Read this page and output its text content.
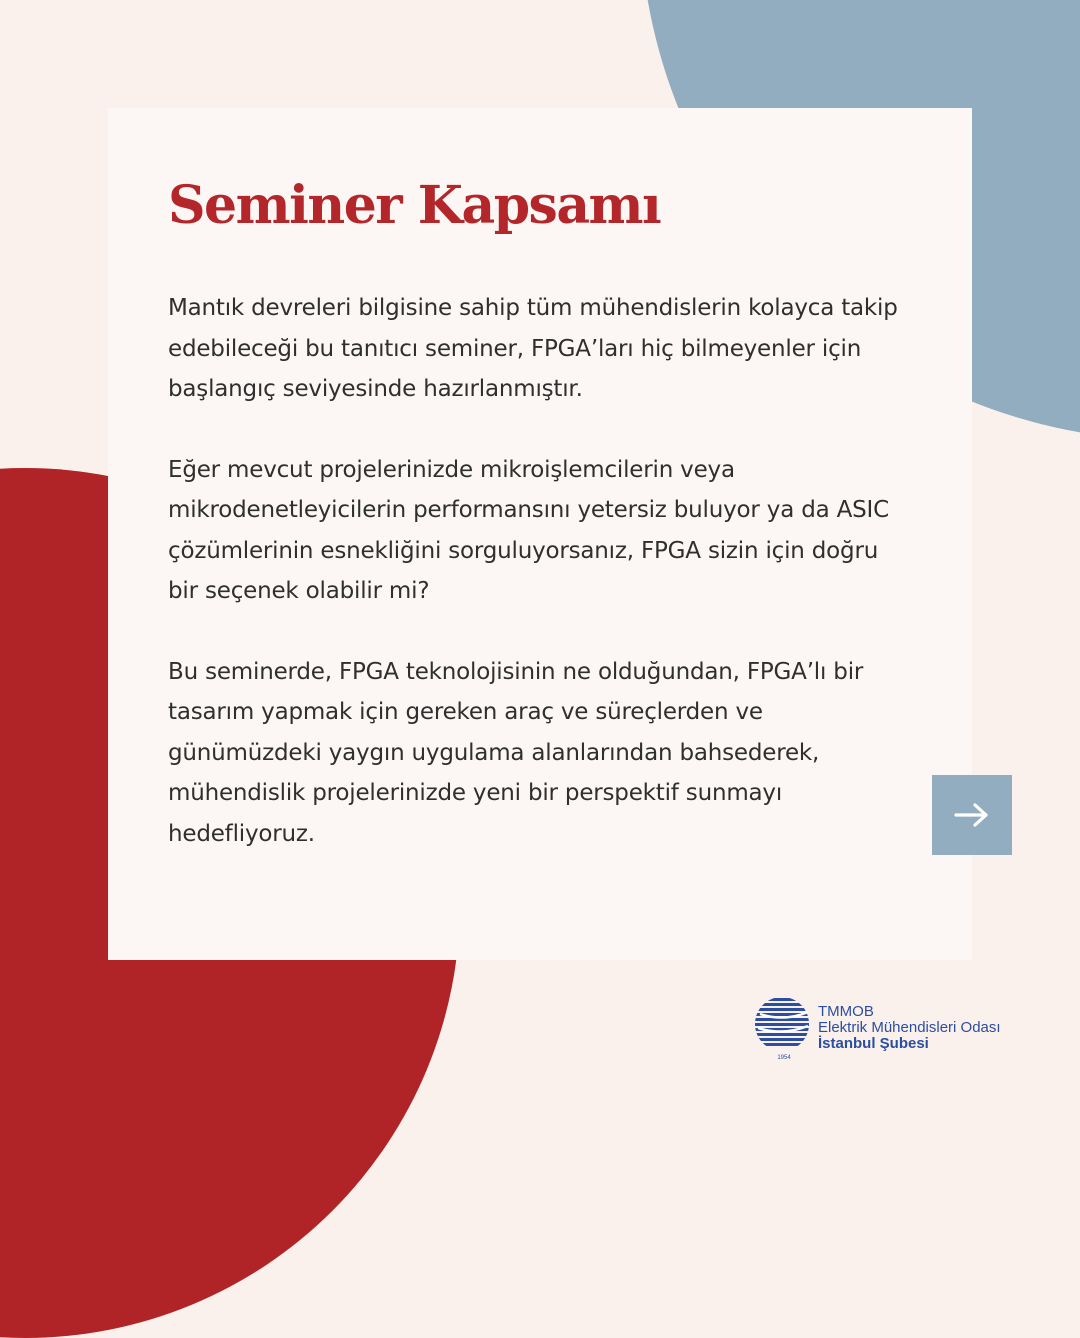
Seminer Kapsamı

Mantık devreleri bilgisine sahip tüm mühendislerin kolayca takip edebileceği bu tanıtıcı seminer, FPGA’ları hiç bilmeyenler için başlangıç seviyesinde hazırlanmıştır.

Eğer mevcut projelerinizde mikroişlemcilerin veya mikrodenetleyicilerin performansını yetersiz buluyor ya da ASIC çözümlerinin esnekliğini sorguluyorsanız, FPGA sizin için doğru bir seçenek olabilir mi?

Bu seminerde, FPGA teknolojisinin ne olduğundan, FPGA’lı bir tasarım yapmak için gereken araç ve süreçlerden ve günümüzdeki yaygın uygulama alanlarından bahsederek, mühendislik projelerinizde yeni bir perspektif sunmayı hedefliyoruz.

1954
TMMOB
Elektrik Mühendisleri Odası
İstanbul Şubesi
